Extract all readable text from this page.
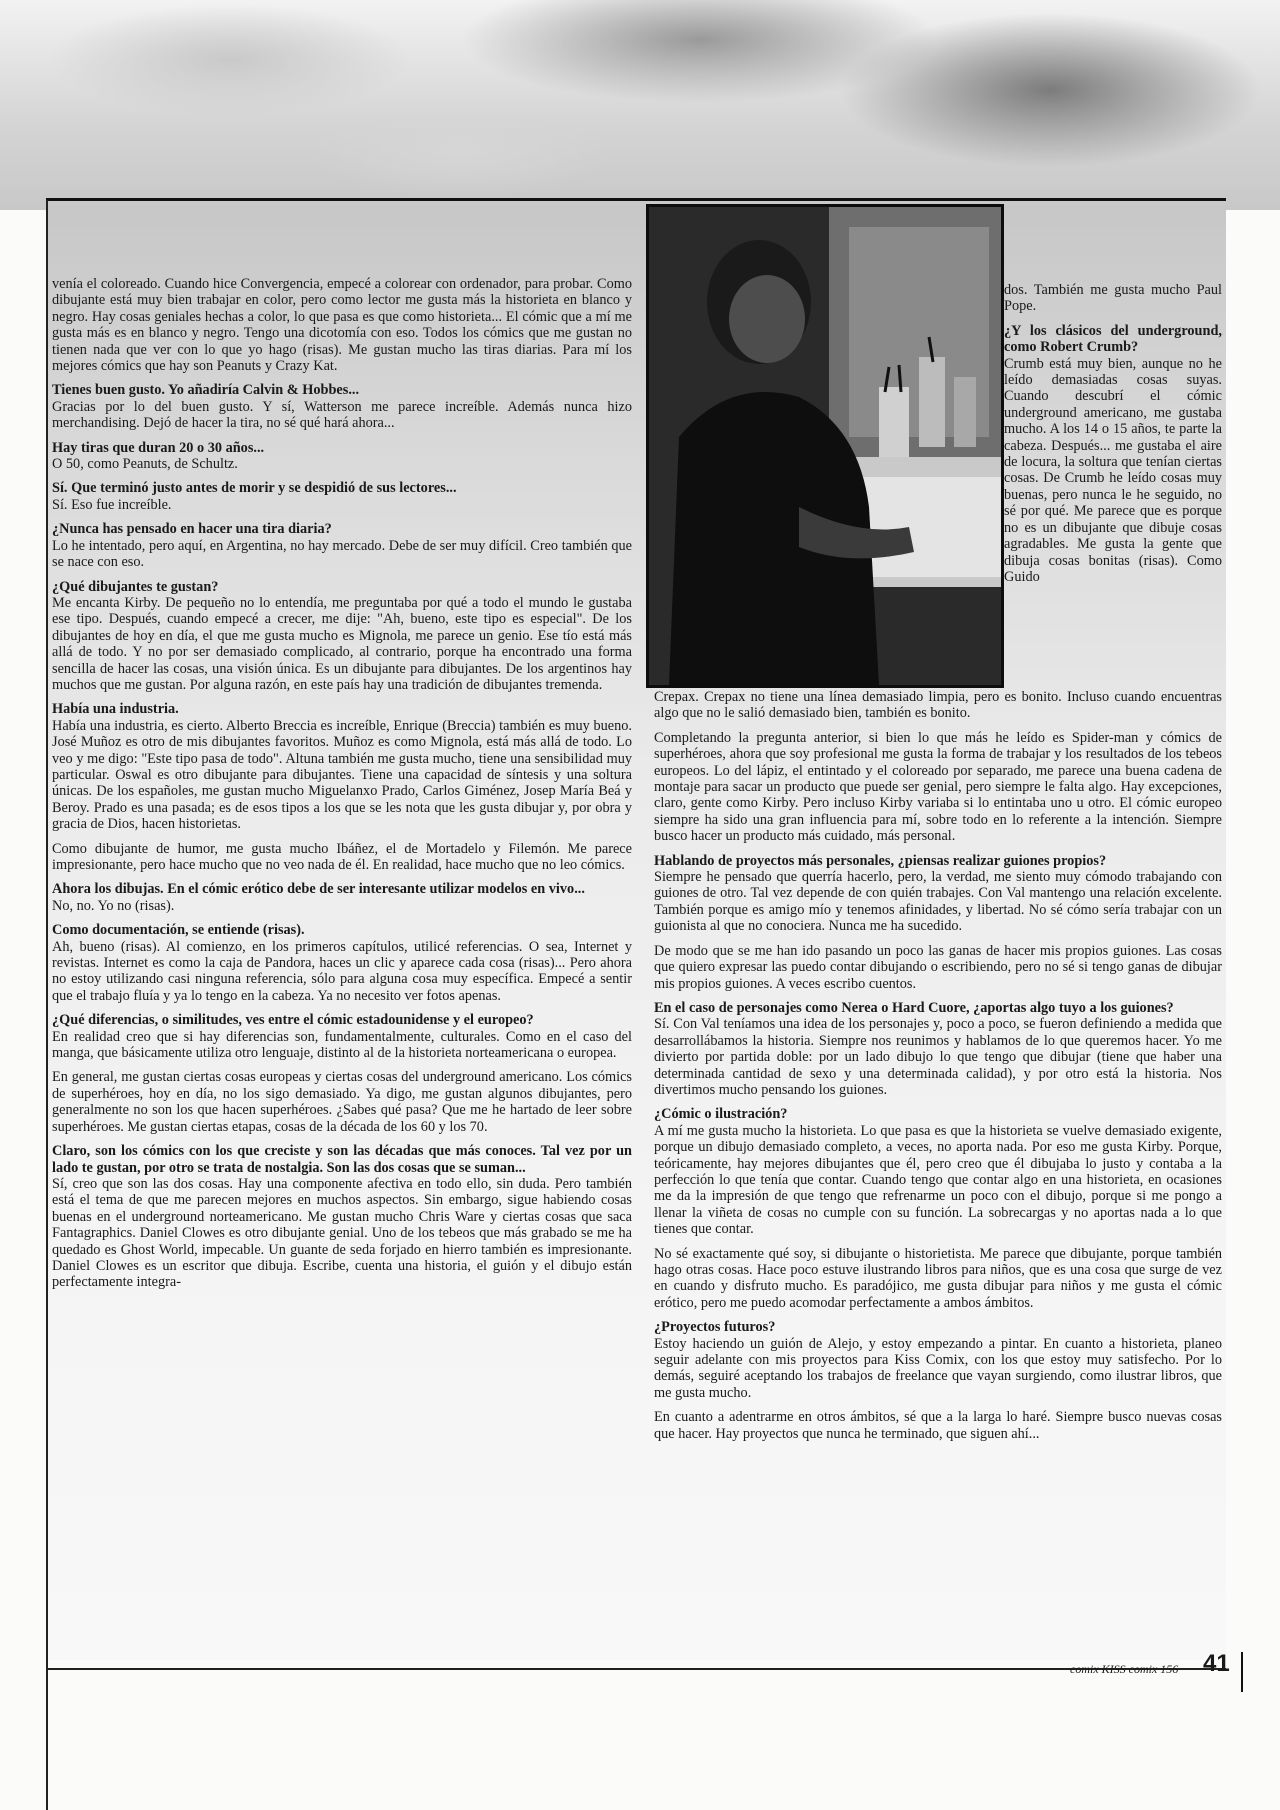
venía el coloreado. Cuando hice Convergencia, empecé a colorear con ordenador, para probar. Como dibujante está muy bien trabajar en color, pero como lector me gusta más la historieta en blanco y negro. Hay cosas geniales hechas a color, lo que pasa es que como historieta... El cómic que a mí me gusta más es en blanco y negro. Tengo una dicotomía con eso. Todos los cómics que me gustan no tienen nada que ver con lo que yo hago (risas). Me gustan mucho las tiras diarias. Para mí los mejores cómics que hay son Peanuts y Crazy Kat.

Tienes buen gusto. Yo añadiría Calvin & Hobbes...

Gracias por lo del buen gusto. Y sí, Watterson me parece increíble. Además nunca hizo merchandising. Dejó de hacer la tira, no sé qué hará ahora...

Hay tiras que duran 20 o 30 años...

O 50, como Peanuts, de Schultz.

Sí. Que terminó justo antes de morir y se despidió de sus lectores...

Sí. Eso fue increíble.

¿Nunca has pensado en hacer una tira diaria?

Lo he intentado, pero aquí, en Argentina, no hay mercado. Debe de ser muy difícil. Creo también que se nace con eso.

¿Qué dibujantes te gustan?

Me encanta Kirby. De pequeño no lo entendía, me preguntaba por qué a todo el mundo le gustaba ese tipo. Después, cuando empecé a crecer, me dije: "Ah, bueno, este tipo es especial". De los dibujantes de hoy en día, el que me gusta mucho es Mignola, me parece un genio. Ese tío está más allá de todo. Y no por ser demasiado complicado, al contrario, porque ha encontrado una forma sencilla de hacer las cosas, una visión única. Es un dibujante para dibujantes. De los argentinos hay muchos que me gustan. Por alguna razón, en este país hay una tradición de dibujantes tremenda.

Había una industria.

Había una industria, es cierto. Alberto Breccia es increíble, Enrique (Breccia) también es muy bueno. José Muñoz es otro de mis dibujantes favoritos. Muñoz es como Mignola, está más allá de todo. Lo veo y me digo: "Este tipo pasa de todo". Altuna también me gusta mucho, tiene una sensibilidad muy particular. Oswal es otro dibujante para dibujantes. Tiene una capacidad de síntesis y una soltura únicas. De los españoles, me gustan mucho Miguelanxo Prado, Carlos Giménez, Josep María Beá y Beroy. Prado es una pasada; es de esos tipos a los que se les nota que les gusta dibujar y, por obra y gracia de Dios, hacen historietas.

Como dibujante de humor, me gusta mucho Ibáñez, el de Mortadelo y Filemón. Me parece impresionante, pero hace mucho que no veo nada de él. En realidad, hace mucho que no leo cómics.

Ahora los dibujas. En el cómic erótico debe de ser interesante utilizar modelos en vivo...

No, no. Yo no (risas).

Como documentación, se entiende (risas).

Ah, bueno (risas). Al comienzo, en los primeros capítulos, utilicé referencias. O sea, Internet y revistas. Internet es como la caja de Pandora, haces un clic y aparece cada cosa (risas)... Pero ahora no estoy utilizando casi ninguna referencia, sólo para alguna cosa muy específica. Empecé a sentir que el trabajo fluía y ya lo tengo en la cabeza. Ya no necesito ver fotos apenas.

¿Qué diferencias, o similitudes, ves entre el cómic estadounidense y el europeo?

En realidad creo que si hay diferencias son, fundamentalmente, culturales. Como en el caso del manga, que básicamente utiliza otro lenguaje, distinto al de la historieta norteamericana o europea.

En general, me gustan ciertas cosas europeas y ciertas cosas del underground americano. Los cómics de superhéroes, hoy en día, no los sigo demasiado. Ya digo, me gustan algunos dibujantes, pero generalmente no son los que hacen superhéroes. ¿Sabes qué pasa? Que me he hartado de leer sobre superhéroes. Me gustan ciertas etapas, cosas de la década de los 60 y los 70.

Claro, son los cómics con los que creciste y son las décadas que más conoces. Tal vez por un lado te gustan, por otro se trata de nostalgia. Son las dos cosas que se suman...

Sí, creo que son las dos cosas. Hay una componente afectiva en todo ello, sin duda. Pero también está el tema de que me parecen mejores en muchos aspectos. Sin embargo, sigue habiendo cosas buenas en el underground norteamericano. Me gustan mucho Chris Ware y ciertas cosas que saca Fantagraphics. Daniel Clowes es otro dibujante genial. Uno de los tebeos que más grabado se me ha quedado es Ghost World, impecable. Un guante de seda forjado en hierro también es impresionante. Daniel Clowes es un escritor que dibuja. Escribe, cuenta una historia, el guión y el dibujo están perfectamente integra-

dos. También me gusta mucho Paul Pope.

¿Y los clásicos del underground, como Robert Crumb?

Crumb está muy bien, aunque no he leído demasiadas cosas suyas. Cuando descubrí el cómic underground americano, me gustaba mucho. A los 14 o 15 años, te parte la cabeza. Después... me gustaba el aire de locura, la soltura que tenían ciertas cosas. De Crumb he leído cosas muy buenas, pero nunca le he seguido, no sé por qué. Me parece que es porque no es un dibujante que dibuje cosas agradables. Me gusta la gente que dibuja cosas bonitas (risas). Como Guido

Crepax. Crepax no tiene una línea demasiado limpia, pero es bonito. Incluso cuando encuentras algo que no le salió demasiado bien, también es bonito.

Completando la pregunta anterior, si bien lo que más he leído es Spider-man y cómics de superhéroes, ahora que soy profesional me gusta la forma de trabajar y los resultados de los tebeos europeos. Lo del lápiz, el entintado y el coloreado por separado, me parece una buena cadena de montaje para sacar un producto que puede ser genial, pero siempre le falta algo. Hay excepciones, claro, gente como Kirby. Pero incluso Kirby variaba si lo entintaba uno u otro. El cómic europeo siempre ha sido una gran influencia para mí, sobre todo en lo referente a la intención. Siempre busco hacer un producto más cuidado, más personal.

Hablando de proyectos más personales, ¿piensas realizar guiones propios?

Siempre he pensado que querría hacerlo, pero, la verdad, me siento muy cómodo trabajando con guiones de otro. Tal vez depende de con quién trabajes. Con Val mantengo una relación excelente. También porque es amigo mío y tenemos afinidades, y libertad. No sé cómo sería trabajar con un guionista al que no conociera. Nunca me ha sucedido.

De modo que se me han ido pasando un poco las ganas de hacer mis propios guiones. Las cosas que quiero expresar las puedo contar dibujando o escribiendo, pero no sé si tengo ganas de dibujar mis propios guiones. A veces escribo cuentos.

En el caso de personajes como Nerea o Hard Cuore, ¿aportas algo tuyo a los guiones?

Sí. Con Val teníamos una idea de los personajes y, poco a poco, se fueron definiendo a medida que desarrollábamos la historia. Siempre nos reunimos y hablamos de lo que queremos hacer. Yo me divierto por partida doble: por un lado dibujo lo que tengo que dibujar (tiene que haber una determinada cantidad de sexo y una determinada calidad), y por otro está la historia. Nos divertimos mucho pensando los guiones.

¿Cómic o ilustración?

A mí me gusta mucho la historieta. Lo que pasa es que la historieta se vuelve demasiado exigente, porque un dibujo demasiado completo, a veces, no aporta nada. Por eso me gusta Kirby. Porque, teóricamente, hay mejores dibujantes que él, pero creo que él dibujaba lo justo y contaba a la perfección lo que tenía que contar. Cuando tengo que contar algo en una historieta, en ocasiones me da la impresión de que tengo que refrenarme un poco con el dibujo, porque si me pongo a llenar la viñeta de cosas no cumple con su función. La sobrecargas y no aportas nada a lo que tienes que contar.

No sé exactamente qué soy, si dibujante o historietista. Me parece que dibujante, porque también hago otras cosas. Hace poco estuve ilustrando libros para niños, que es una cosa que surge de vez en cuando y disfruto mucho. Es paradójico, me gusta dibujar para niños y me gusta el cómic erótico, pero me puedo acomodar perfectamente a ambos ámbitos.

¿Proyectos futuros?

Estoy haciendo un guión de Alejo, y estoy empezando a pintar. En cuanto a historieta, planeo seguir adelante con mis proyectos para Kiss Comix, con los que estoy muy satisfecho. Por lo demás, seguiré aceptando los trabajos de freelance que vayan surgiendo, como ilustrar libros, que me gusta mucho.

En cuanto a adentrarme en otros ámbitos, sé que a la larga lo haré. Siempre busco nuevas cosas que hacer. Hay proyectos que nunca he terminado, que siguen ahí...

comix KISS comix 156 41
